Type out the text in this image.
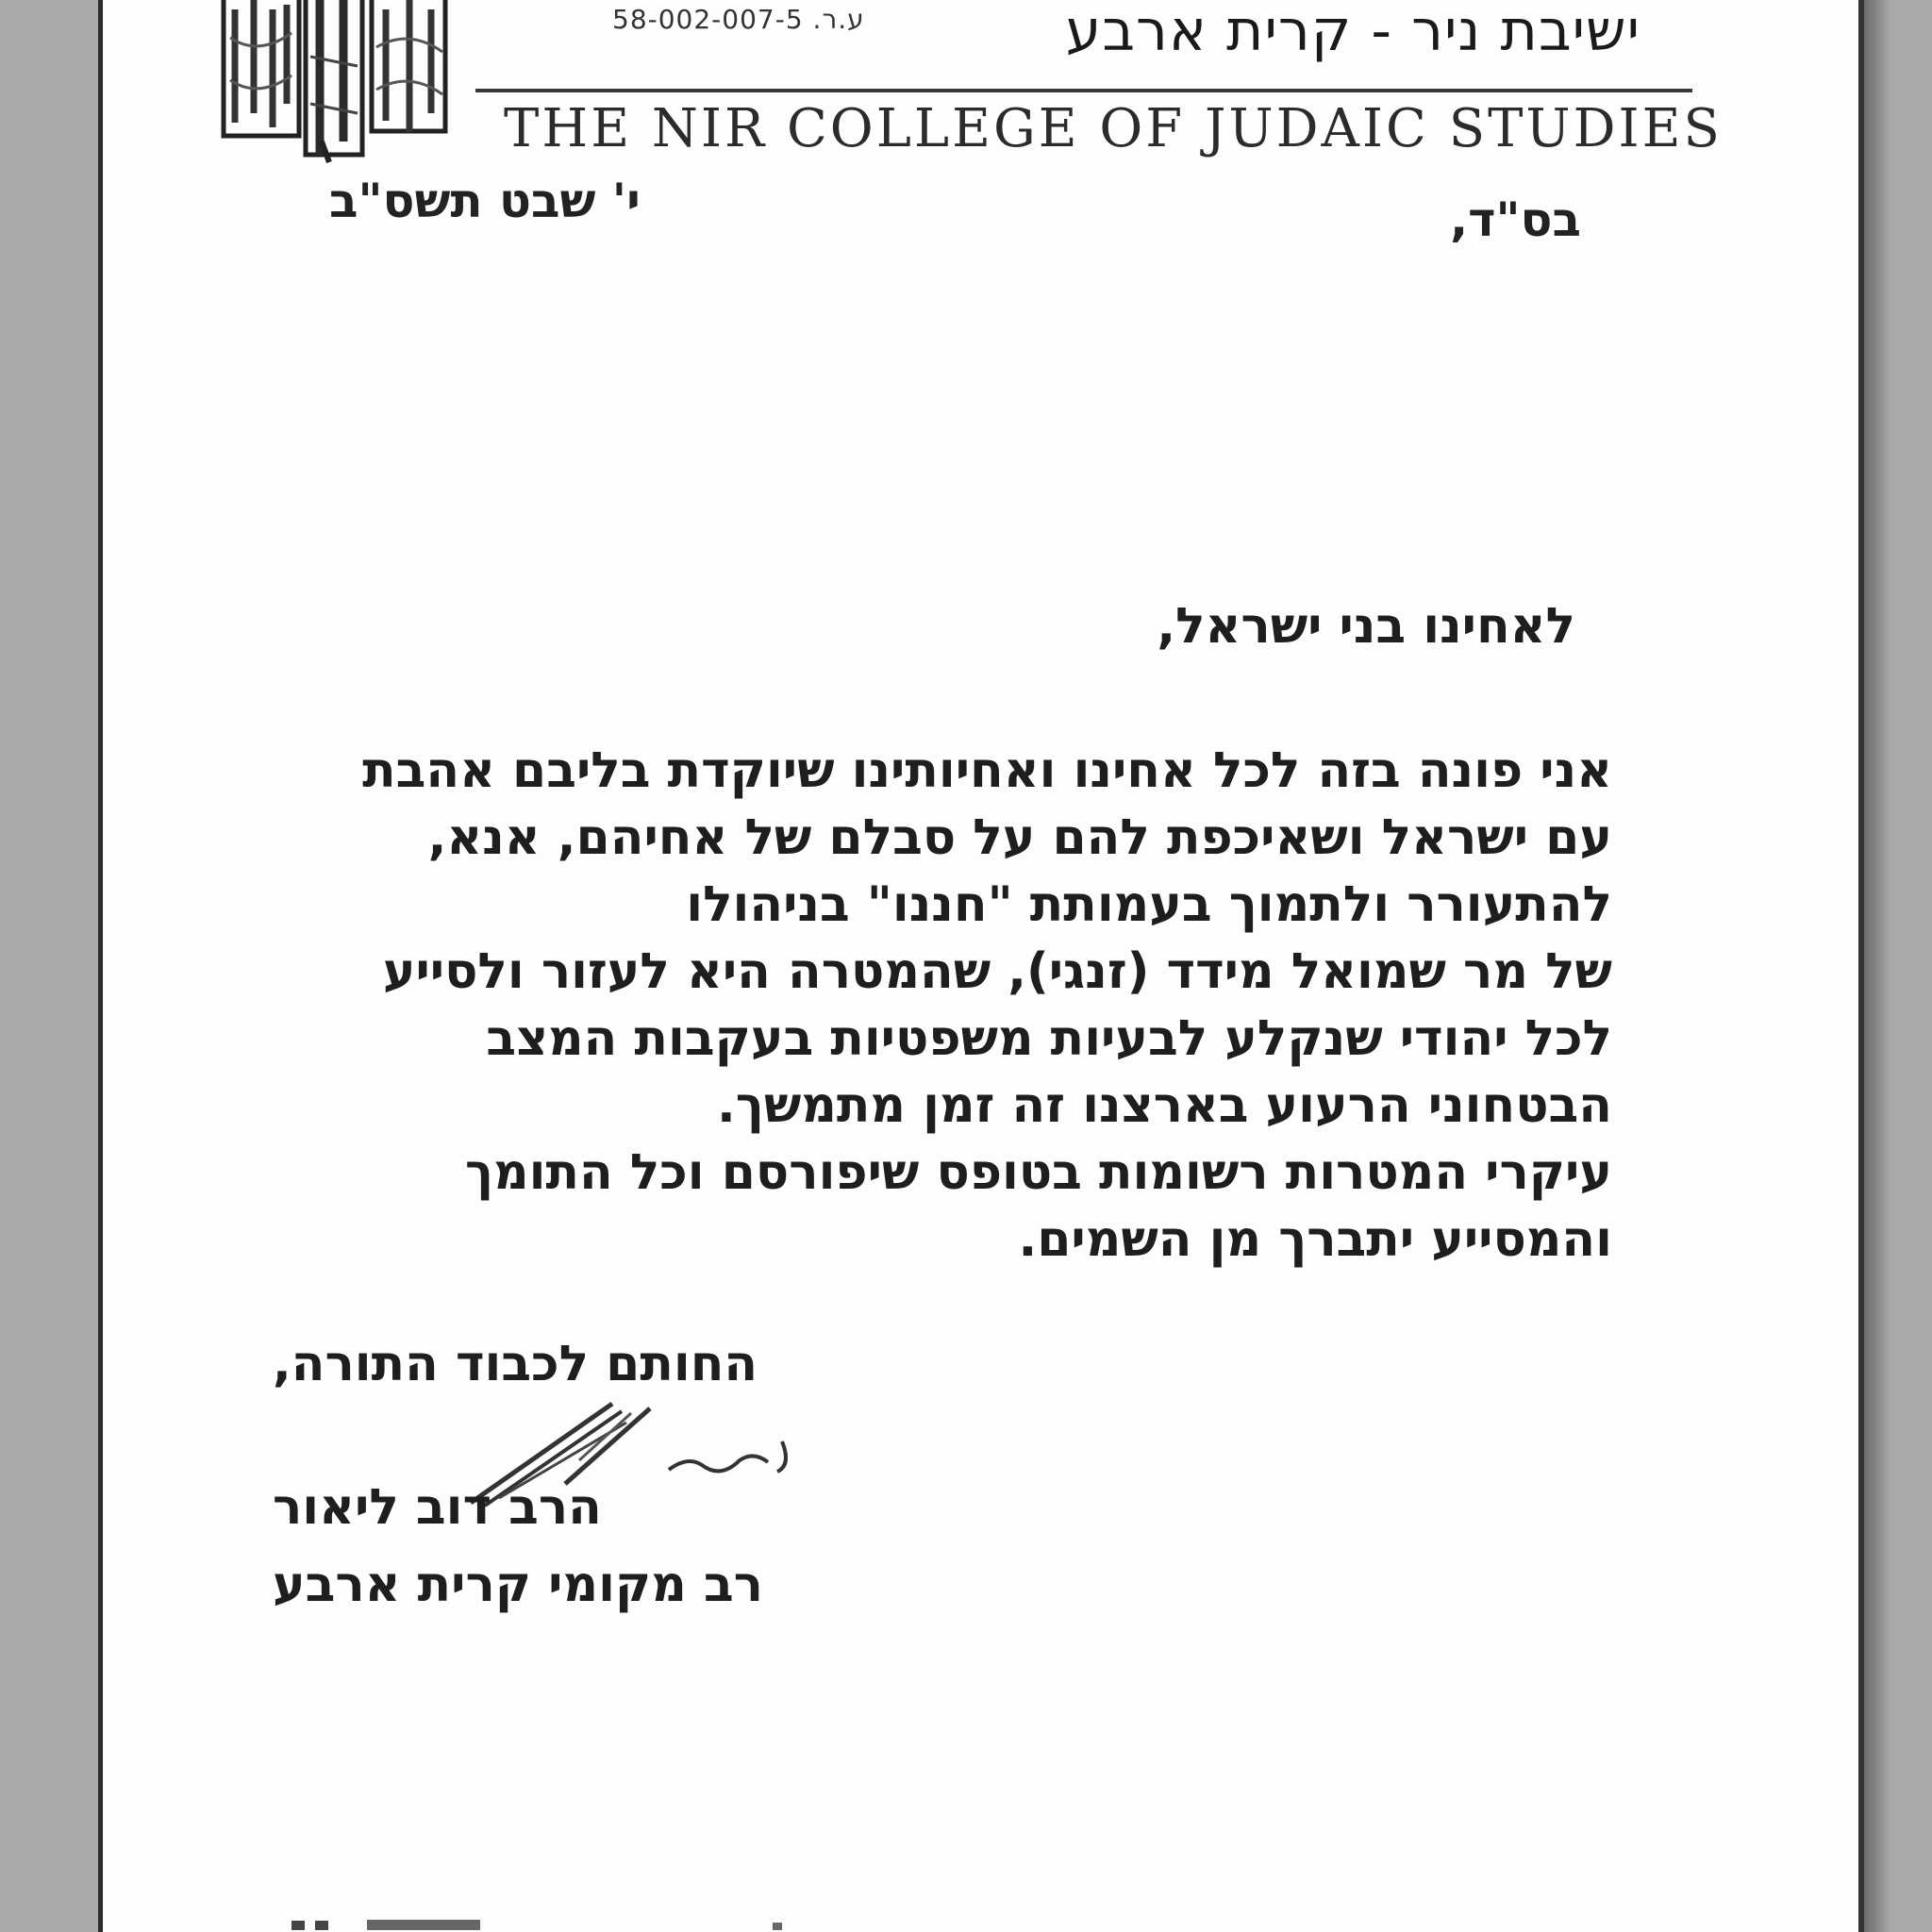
ע.ר. 58-002-007-5	ישיבת ניר - קרית ארבע
THE NIR COLLEGE OF JUDAIC STUDIES
י' שבט תשס"ב	בס"ד,
לאחינו בני ישראל,
אני פונה בזה לכל אחינו ואחיותינו שיוקדת בליבם אהבת
עם ישראל ושאיכפת להם על סבלם של אחיהם, אנא,
להתעורר ולתמוך בעמותת "חננו" בניהולו
של מר שמואל מידד (זנגי), שהמטרה היא לעזור ולסייע
לכל יהודי שנקלע לבעיות משפטיות בעקבות המצב
הבטחוני הרעוע בארצנו זה זמן מתמשך.
עיקרי המטרות רשומות בטופס שיפורסם וכל התומך
והמסייע יתברך מן השמים.
החותם לכבוד התורה,
הרב דוב ליאור
רב מקומי קרית ארבע
